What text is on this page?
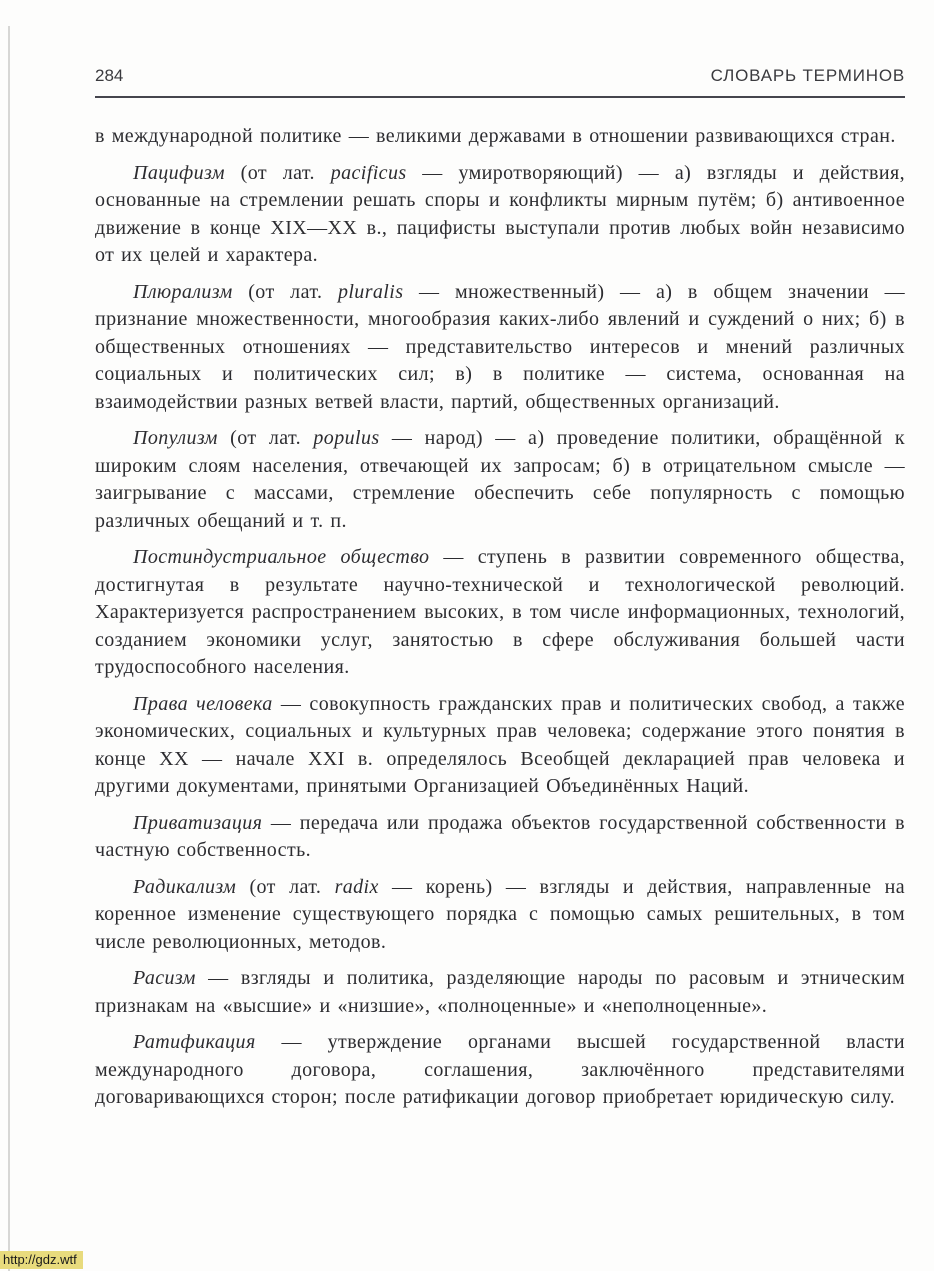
284	СЛОВАРЬ ТЕРМИНОВ

в международной политике — великими державами в отношении развивающихся стран.

Пацифизм (от лат. pacificus — умиротворяющий) — а) взгляды и действия, основанные на стремлении решать споры и конфликты мирным путём; б) антивоенное движение в конце XIX—XX в., пацифисты выступали против любых войн независимо от их целей и характера.

Плюрализм (от лат. pluralis — множественный) — а) в общем значении — признание множественности, многообразия каких-либо явлений и суждений о них; б) в общественных отношениях — представительство интересов и мнений различных социальных и политических сил; в) в политике — система, основанная на взаимодействии разных ветвей власти, партий, общественных организаций.

Популизм (от лат. populus — народ) — а) проведение политики, обращённой к широким слоям населения, отвечающей их запросам; б) в отрицательном смысле — заигрывание с массами, стремление обеспечить себе популярность с помощью различных обещаний и т. п.

Постиндустриальное общество — ступень в развитии современного общества, достигнутая в результате научно-технической и технологической революций. Характеризуется распространением высоких, в том числе информационных, технологий, созданием экономики услуг, занятостью в сфере обслуживания большей части трудоспособного населения.

Права человека — совокупность гражданских прав и политических свобод, а также экономических, социальных и культурных прав человека; содержание этого понятия в конце XX — начале XXI в. определялось Всеобщей декларацией прав человека и другими документами, принятыми Организацией Объединённых Наций.

Приватизация — передача или продажа объектов государственной собственности в частную собственность.

Радикализм (от лат. radix — корень) — взгляды и действия, направленные на коренное изменение существующего порядка с помощью самых решительных, в том числе революционных, методов.

Расизм — взгляды и политика, разделяющие народы по расовым и этническим признакам на «высшие» и «низшие», «полноценные» и «неполноценные».

Ратификация — утверждение органами высшей государственной власти международного договора, соглашения, заключённого представителями договаривающихся сторон; после ратификации договор приобретает юридическую силу.

http://gdz.wtf
